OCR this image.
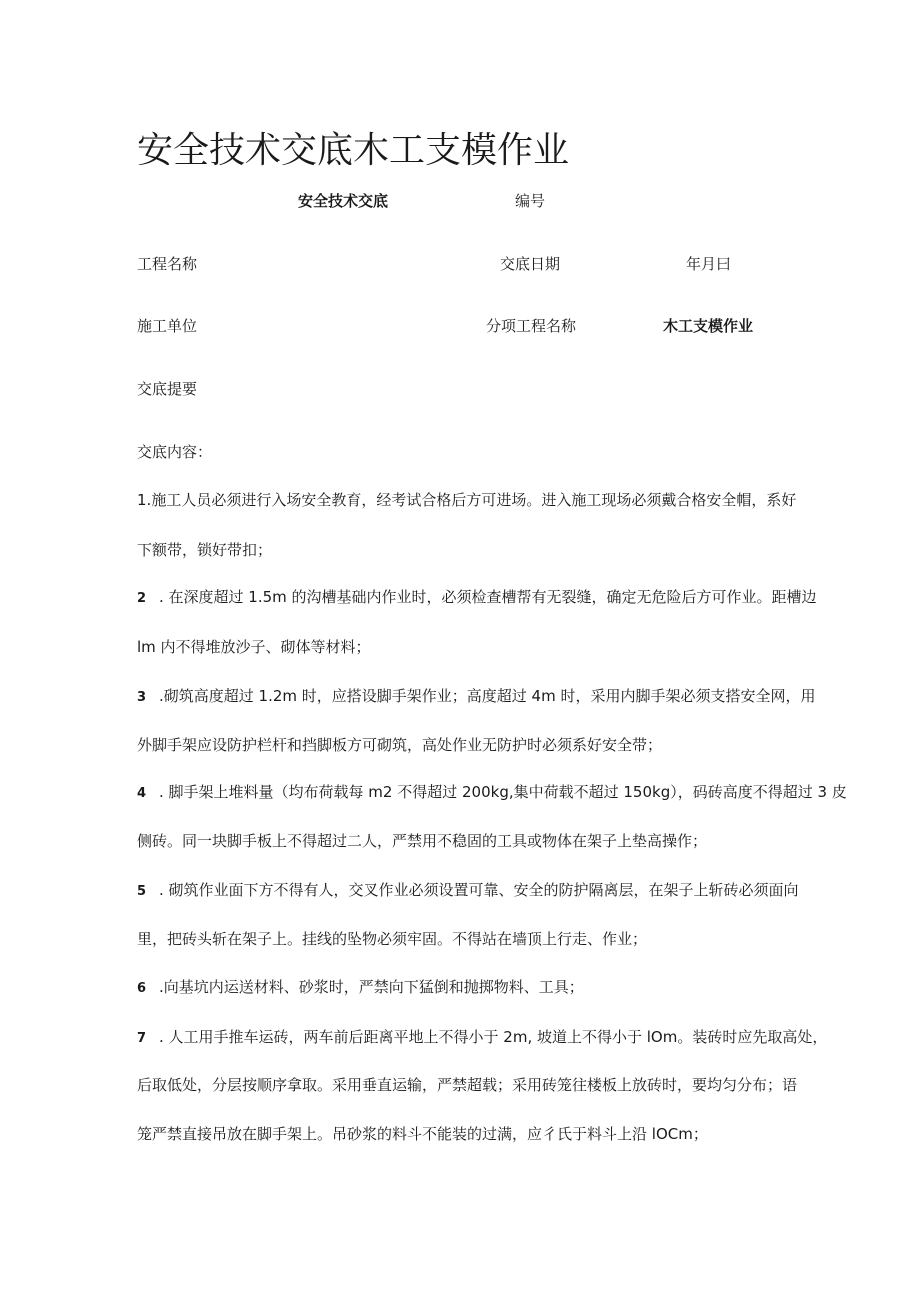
安全技术交底木工支模作业
安全技术交底	编号
工程名称	交底日期	年月曰
施工单位	分项工程名称	木工支模作业
交底提要
交底内容：
1.施工人员必须进行入场安全教育，经考试合格后方可进场。进入施工现场必须戴合格安全帽，系好
下额带，锁好带扣；
2 . 在深度超过 1.5m 的沟槽基础内作业时，必须检查槽帮有无裂缝，确定无危险后方可作业。距槽边
lm 内不得堆放沙子、砌体等材料；
3 .砌筑高度超过 1.2m 时，应搭设脚手架作业；高度超过 4m 时，采用内脚手架必须支搭安全网，用
外脚手架应设防护栏杆和挡脚板方可砌筑，高处作业无防护时必须系好安全带；
4 . 脚手架上堆料量（均布荷载每 m2 不得超过 200kg,集中荷载不超过 150kg），码砖高度不得超过 3 皮
侧砖。同一块脚手板上不得超过二人，严禁用不稳固的工具或物体在架子上垫高操作；
5 . 砌筑作业面下方不得有人，交叉作业必须设置可靠、安全的防护隔离层，在架子上斩砖必须面向
里，把砖头斩在架子上。挂线的坠物必须牢固。不得站在墙顶上行走、作业；
6 .向基坑内运送材料、砂浆时，严禁向下猛倒和抛掷物料、工具；
7 . 人工用手推车运砖，两车前后距离平地上不得小于 2m, 坡道上不得小于 lOm。装砖时应先取高处，
后取低处，分层按顺序拿取。采用垂直运输，严禁超载；采用砖笼往楼板上放砖时，要均匀分布；语
笼严禁直接吊放在脚手架上。吊砂浆的料斗不能装的过满，应彳氏于料斗上沿 lOCm；
